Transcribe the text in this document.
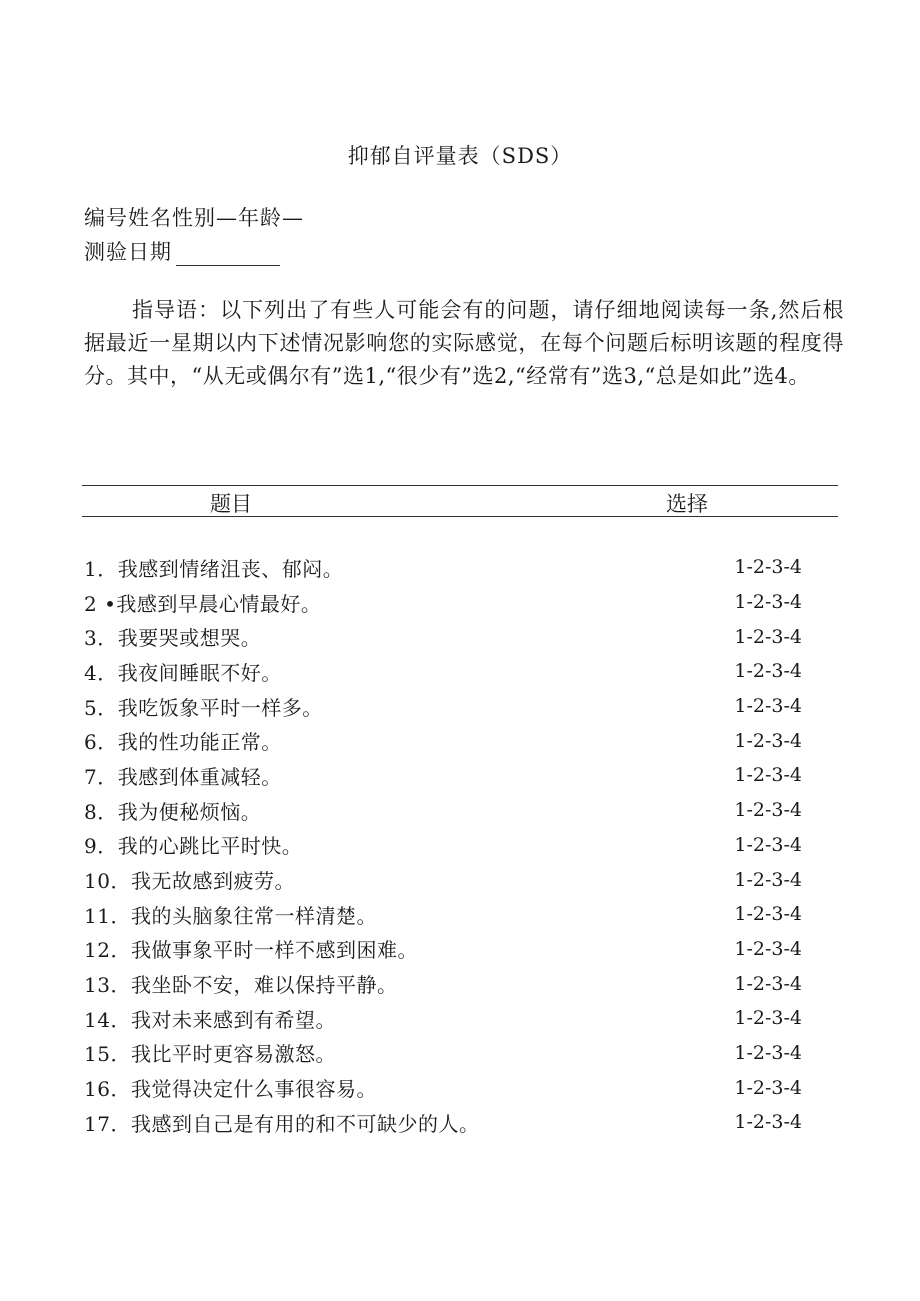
抑郁自评量表（SDS）
编号姓名性别—年龄—
测验日期
指导语：以下列出了有些人可能会有的问题，请仔细地阅读每一条,然后根据最近一星期以内下述情况影响您的实际感觉，在每个问题后标明该题的程度得分。其中，“从无或偶尔有”选1,“很少有”选2,“经常有”选3,“总是如此”选4。
题目	选择
1．我感到情绪沮丧、郁闷。	1-2-3-4
2 •我感到早晨心情最好。	1-2-3-4
3．我要哭或想哭。	1-2-3-4
4．我夜间睡眠不好。	1-2-3-4
5．我吃饭象平时一样多。	1-2-3-4
6．我的性功能正常。	1-2-3-4
7．我感到体重减轻。	1-2-3-4
8．我为便秘烦恼。	1-2-3-4
9．我的心跳比平时快。	1-2-3-4
10．我无故感到疲劳。	1-2-3-4
11．我的头脑象往常一样清楚。	1-2-3-4
12．我做事象平时一样不感到困难。	1-2-3-4
13．我坐卧不安，难以保持平静。	1-2-3-4
14．我对未来感到有希望。	1-2-3-4
15．我比平时更容易激怒。	1-2-3-4
16．我觉得决定什么事很容易。	1-2-3-4
17．我感到自己是有用的和不可缺少的人。	1-2-3-4
